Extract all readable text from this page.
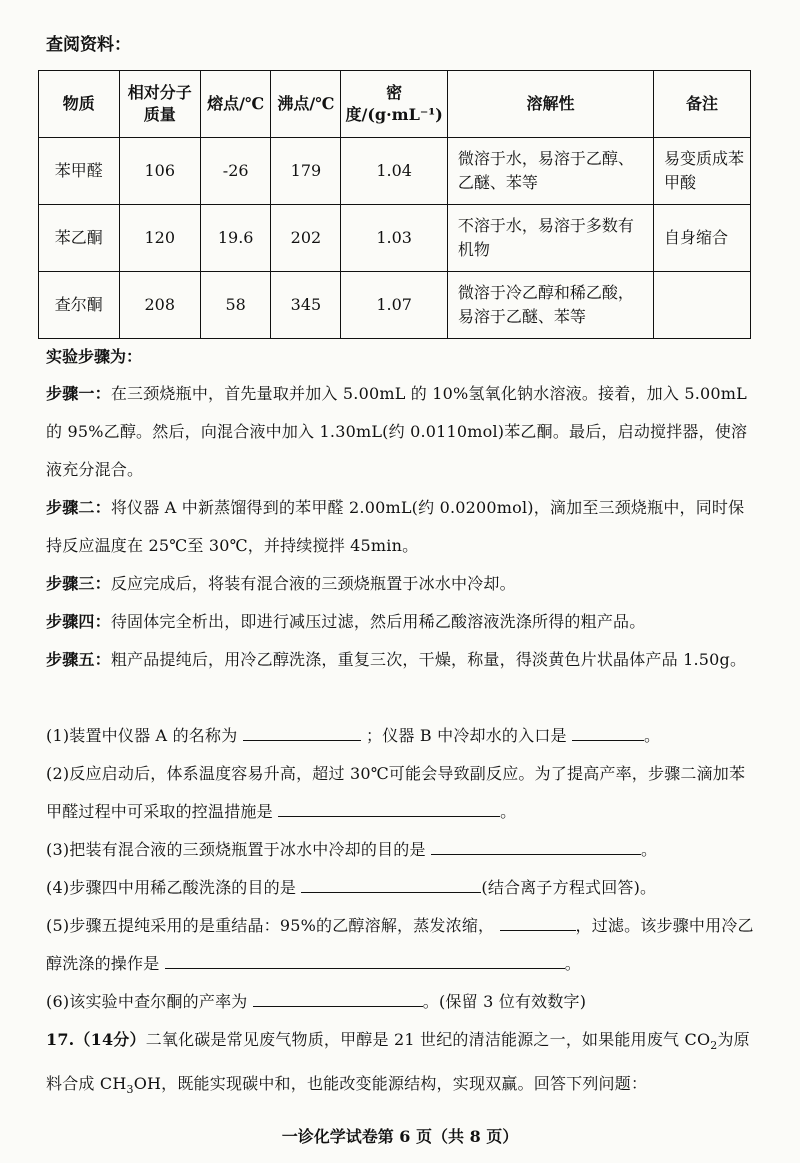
查阅资料：
物质	相对分子质量	熔点/℃	沸点/℃	密度/(g·mL⁻¹)	溶解性	备注
苯甲醛	106	-26	179	1.04	微溶于水，易溶于乙醇、乙醚、苯等	易变质成苯甲酸
苯乙酮	120	19.6	202	1.03	不溶于水，易溶于多数有机物	自身缩合
查尔酮	208	58	345	1.07	微溶于冷乙醇和稀乙酸，易溶于乙醚、苯等	
实验步骤为：
步骤一：在三颈烧瓶中，首先量取并加入 5.00mL 的 10%氢氧化钠水溶液。接着，加入 5.00mL 的 95%乙醇。然后，向混合液中加入 1.30mL(约 0.0110mol)苯乙酮。最后，启动搅拌器，使溶液充分混合。
步骤二：将仪器 A 中新蒸馏得到的苯甲醛 2.00mL(约 0.0200mol)，滴加至三颈烧瓶中，同时保持反应温度在 25℃至 30℃，并持续搅拌 45min。
步骤三：反应完成后，将装有混合液的三颈烧瓶置于冰水中冷却。
步骤四：待固体完全析出，即进行减压过滤，然后用稀乙酸溶液洗涤所得的粗产品。
步骤五：粗产品提纯后，用冷乙醇洗涤，重复三次，干燥，称量，得淡黄色片状晶体产品 1.50g。
(1)装置中仪器 A 的名称为	；仪器 B 中冷却水的入口是	。
(2)反应启动后，体系温度容易升高，超过 30℃可能会导致副反应。为了提高产率，步骤二滴加苯甲醛过程中可采取的控温措施是	。
(3)把装有混合液的三颈烧瓶置于冰水中冷却的目的是	。
(4)步骤四中用稀乙酸洗涤的目的是	(结合离子方程式回答)。
(5)步骤五提纯采用的是重结晶：95%的乙醇溶解，蒸发浓缩，	，过滤。该步骤中用冷乙醇洗涤的操作是	。
(6)该实验中查尔酮的产率为	。(保留 3 位有效数字)
17.（14分）二氧化碳是常见废气物质，甲醇是 21 世纪的清洁能源之一，如果能用废气 $CO_2$为原料合成 $CH_3OH$，既能实现碳中和，也能改变能源结构，实现双赢。回答下列问题：
一诊化学试卷第 6 页（共 8 页）
